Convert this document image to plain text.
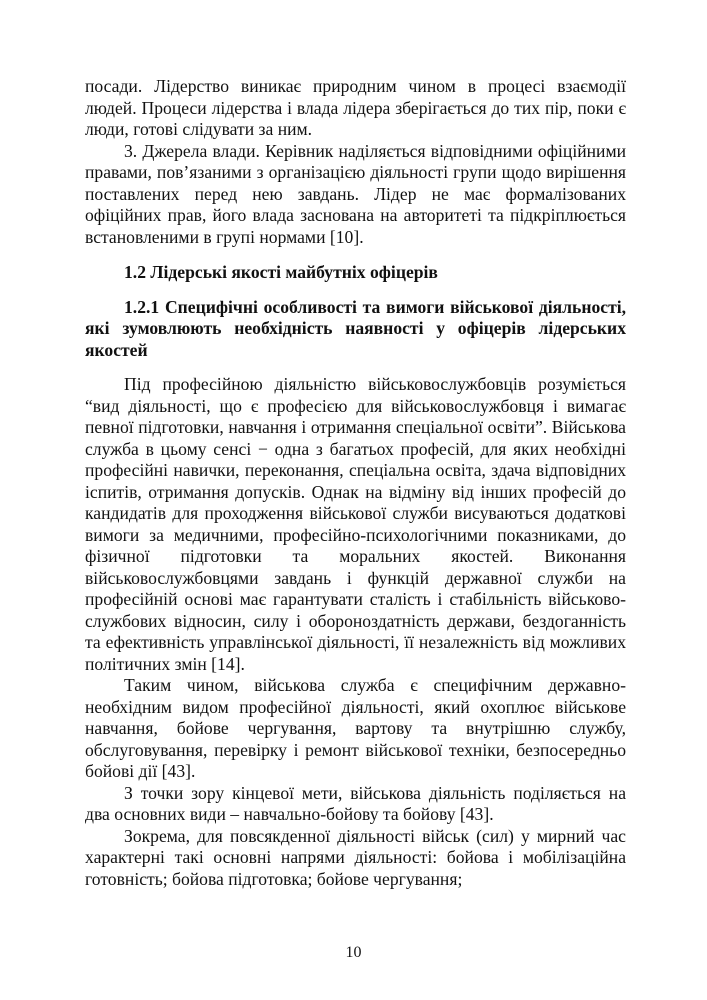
посади. Лідерство виникає природним чином в процесі взаємодії людей. Процеси лідерства і влада лідера зберігається до тих пір, поки є люди, готові слідувати за ним.

3. Джерела влади. Керівник наділяється відповідними офіційними правами, пов’язаними з організацією діяльності групи щодо вирішення поставлених перед нею завдань. Лідер не має формалізованих офіційних прав, його влада заснована на авторитеті та підкріплюється встановленими в групі нормами [10].

1.2 Лідерські якості майбутніх офіцерів

1.2.1 Специфічні особливості та вимоги військової діяльності, які зумовлюють необхідність наявності у офіцерів лідерських якостей

Під професійною діяльністю військовослужбовців розуміється “вид діяльності, що є професією для військовослужбовця і вимагає певної підготовки, навчання і отримання спеціальної освіти”. Військова служба в цьому сенсі − одна з багатьох професій, для яких необхідні професійні навички, переконання, спеціальна освіта, здача відповідних іспитів, отримання допусків. Однак на відміну від інших професій до кандидатів для проходження військової служби висуваються додаткові вимоги за медичними, професійно-психологічними показниками, до фізичної підготовки та моральних якостей. Виконання військовослужбовцями завдань і функцій державної служби на професійній основі має гарантувати сталість і стабільність військово-службових відносин, силу і обороноздатність держави, бездоганність та ефективність управлінської діяльності, її незалежність від можливих політичних змін [14].

Таким чином, військова служба є специфічним державно-необхідним видом професійної діяльності, який охоплює військове навчання, бойове чергування, вартову та внутрішню службу, обслуговування, перевірку і ремонт військової техніки, безпосередньо бойові дії [43].

З точки зору кінцевої мети, військова діяльність поділяється на два основних види – навчально-бойову та бойову [43].

Зокрема, для повсякденної діяльності військ (сил) у мирний час характерні такі основні напрями діяльності: бойова і мобілізаційна готовність; бойова підготовка; бойове чергування;

10
